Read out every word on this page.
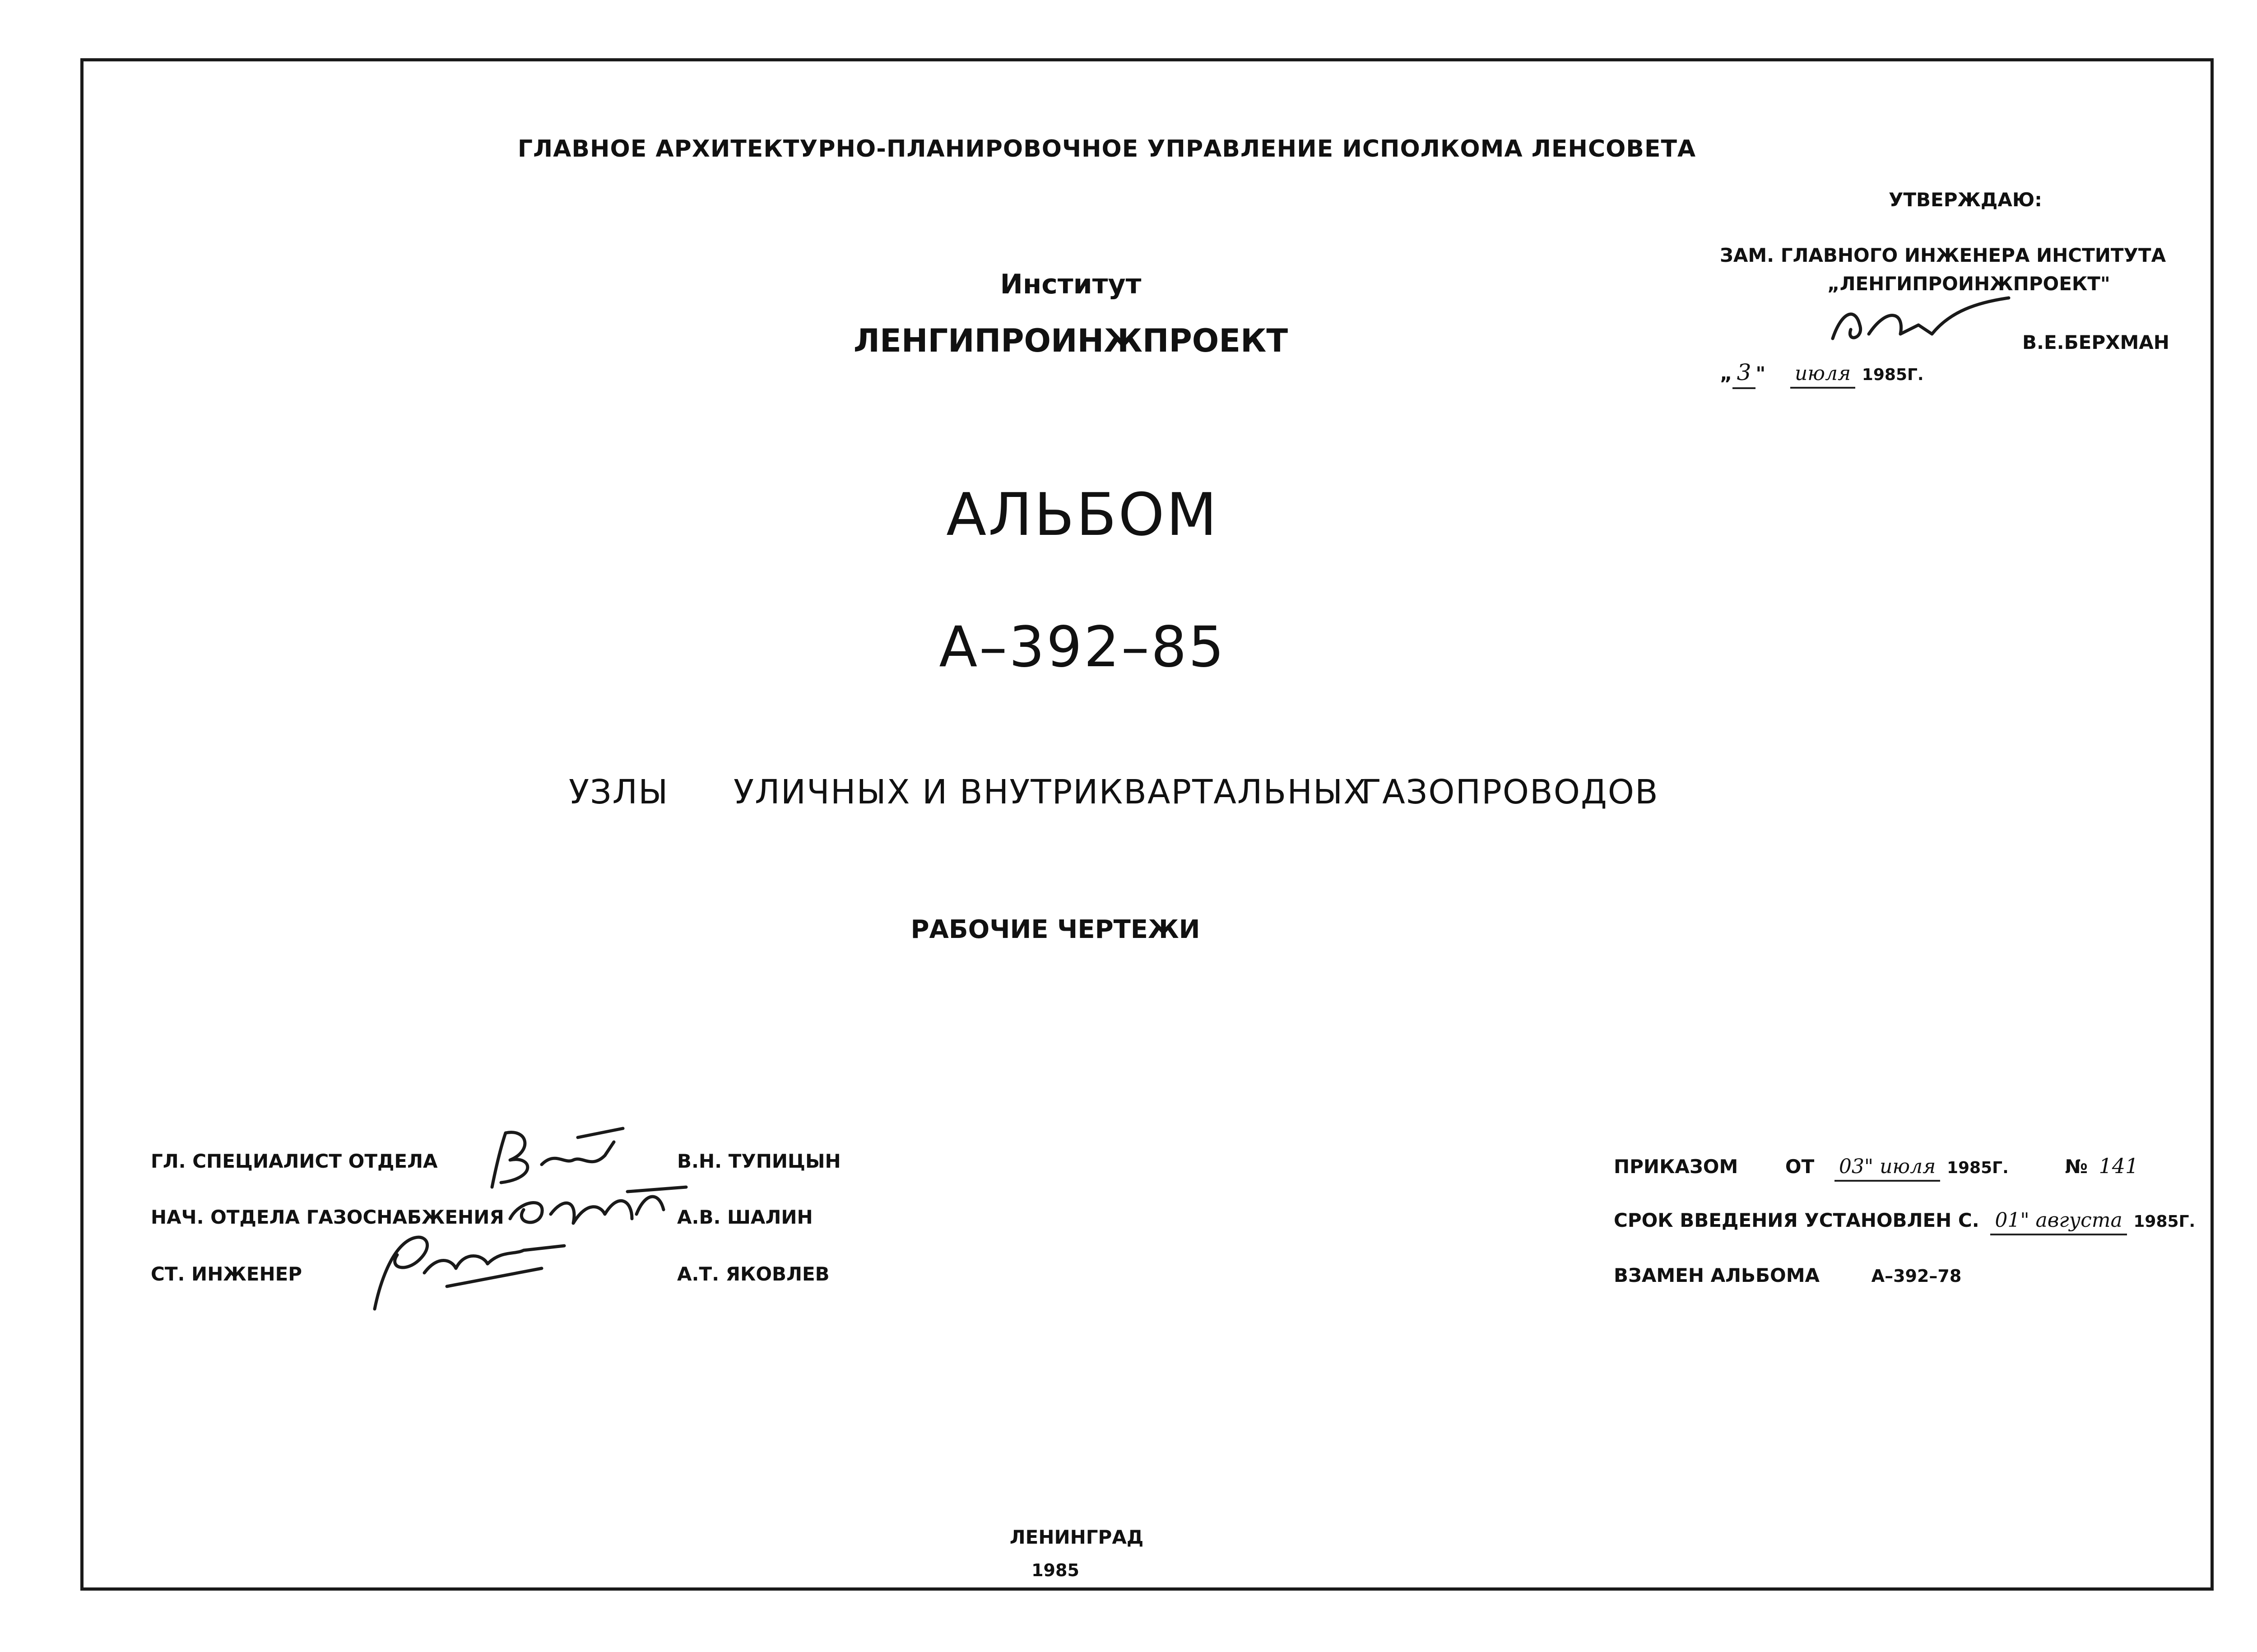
ГЛАВНОЕ АРХИТЕКТУРНО-ПЛАНИРОВОЧНОЕ УПРАВЛЕНИЕ ИСПОЛКОМА ЛЕНСОВЕТА
УТВЕРЖДАЮ:
ЗАМ. ГЛАВНОГО ИНЖЕНЕРА ИНСТИТУТА
„ЛЕНГИПРОИНЖПРОЕКТ"
В.Е.БЕРХМАН
„ 3 " июля 1985Г.
Институт
ЛЕНГИПРОИНЖПРОЕКТ
АЛЬБОМ
А–392–85
УЗЛЫ УЛИЧНЫХ И ВНУТРИКВАРТАЛЬНЫХ
ГАЗОПРОВОДОВ
РАБОЧИЕ ЧЕРТЕЖИ
ГЛ. СПЕЦИАЛИСТ ОТДЕЛА	В.Н. ТУПИЦЫН
НАЧ. ОТДЕЛА ГАЗОСНАБЖЕНИЯ	А.В. ШАЛИН
СТ. ИНЖЕНЕР	А.Т. ЯКОВЛЕВ
ПРИКАЗОМ ОТ 03" июля 1985Г.	№ 141
СРОК ВВЕДЕНИЯ УСТАНОВЛЕН С. 01" августа 1985Г.
ВЗАМЕН АЛЬБОМА	А–392–78
ЛЕНИНГРАД
1985
